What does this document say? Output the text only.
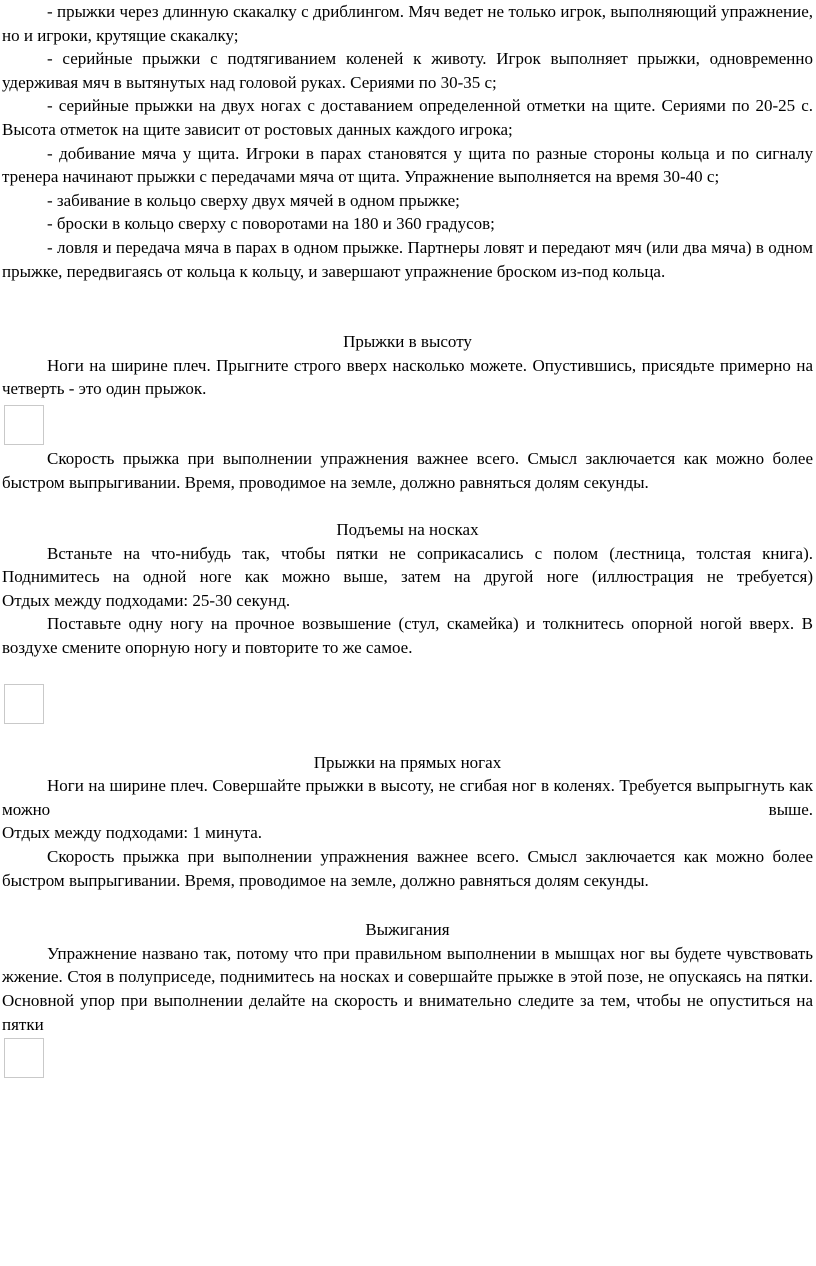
- прыжки через длинную скакалку с дриблингом. Мяч ведет не только игрок, выполняющий упражнение, но и игроки, крутящие скакалку;

- серийные прыжки с подтягиванием коленей к животу. Игрок выполняет прыжки, одновременно удерживая мяч в вытянутых над головой руках. Сериями по 30-35 с;

- серийные прыжки на двух ногах с доставанием определенной отметки на щите. Сериями по 20-25 с. Высота отметок на щите зависит от ростовых данных каждого игрока;

- добивание мяча у щита. Игроки в парах становятся у щита по разные стороны кольца и по сигналу тренера начинают прыжки с передачами мяча от щита. Упражнение выполняется на время 30-40 с;

- забивание в кольцо сверху двух мячей в одном прыжке;

- броски в кольцо сверху с поворотами на 180 и 360 градусов;

- ловля и передача мяча в парах в одном прыжке. Партнеры ловят и передают мяч (или два мяча) в одном прыжке, передвигаясь от кольца к кольцу, и завершают упражнение броском из-под кольца.

Прыжки в высоту

Ноги на ширине плеч. Прыгните строго вверх насколько можете. Опустившись, присядьте примерно на четверть - это один прыжок.

Скорость прыжка при выполнении упражнения важнее всего. Смысл заключается как можно более быстром выпрыгивании. Время, проводимое на земле, должно равняться долям секунды.

Подъемы на носках

Встаньте на что-нибудь так, чтобы пятки не соприкасались с полом (лестница, толстая книга). Поднимитесь на одной ноге как можно выше, затем на другой ноге (иллюстрация не требуется)

Отдых между подходами: 25-30 секунд.

Поставьте одну ногу на прочное возвышение (стул, скамейка) и толкнитесь опорной ногой вверх. В воздухе смените опорную ногу и повторите то же самое.

Прыжки на прямых ногах

Ноги на ширине плеч. Совершайте прыжки в высоту, не сгибая ног в коленях. Требуется выпрыгнуть как можно выше.

Отдых между подходами: 1 минута.

Скорость прыжка при выполнении упражнения важнее всего. Смысл заключается как можно более быстром выпрыгивании. Время, проводимое на земле, должно равняться долям секунды.

Выжигания

Упражнение названо так, потому что при правильном выполнении в мышцах ног вы будете чувствовать жжение. Стоя в полуприседе, поднимитесь на носках и совершайте прыжке в этой позе, не опускаясь на пятки. Основной упор при выполнении делайте на скорость и внимательно следите за тем, чтобы не опуститься на пятки
